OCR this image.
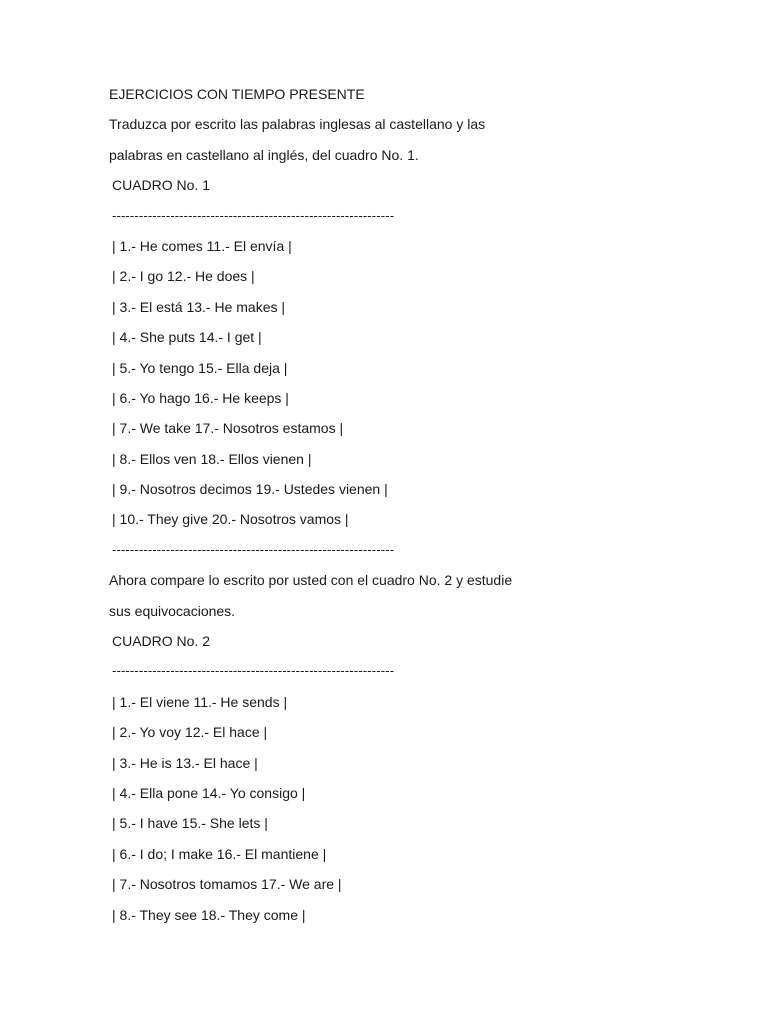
EJERCICIOS CON TIEMPO PRESENTE
Traduzca por escrito las palabras inglesas al castellano y las
palabras en castellano al inglés, del cuadro No. 1.
CUADRO No. 1
---------------------------------------------------------------
| 1.- He comes 11.- El envía |
| 2.- I go 12.- He does |
| 3.- El está 13.- He makes |
| 4.- She puts 14.- I get |
| 5.- Yo tengo 15.- Ella deja |
| 6.- Yo hago 16.- He keeps |
| 7.- We take 17.- Nosotros estamos |
| 8.- Ellos ven 18.- Ellos vienen |
| 9.- Nosotros decimos 19.- Ustedes vienen |
| 10.- They give 20.- Nosotros vamos |
---------------------------------------------------------------
Ahora compare lo escrito por usted con el cuadro No. 2 y estudie
sus equivocaciones.
CUADRO No. 2
---------------------------------------------------------------
| 1.- El viene 11.- He sends |
| 2.- Yo voy 12.- El hace |
| 3.- He is 13.- El hace |
| 4.- Ella pone 14.- Yo consigo |
| 5.- I have 15.- She lets |
| 6.- I do; I make 16.- El mantiene |
| 7.- Nosotros tomamos 17.- We are |
| 8.- They see 18.- They come |
